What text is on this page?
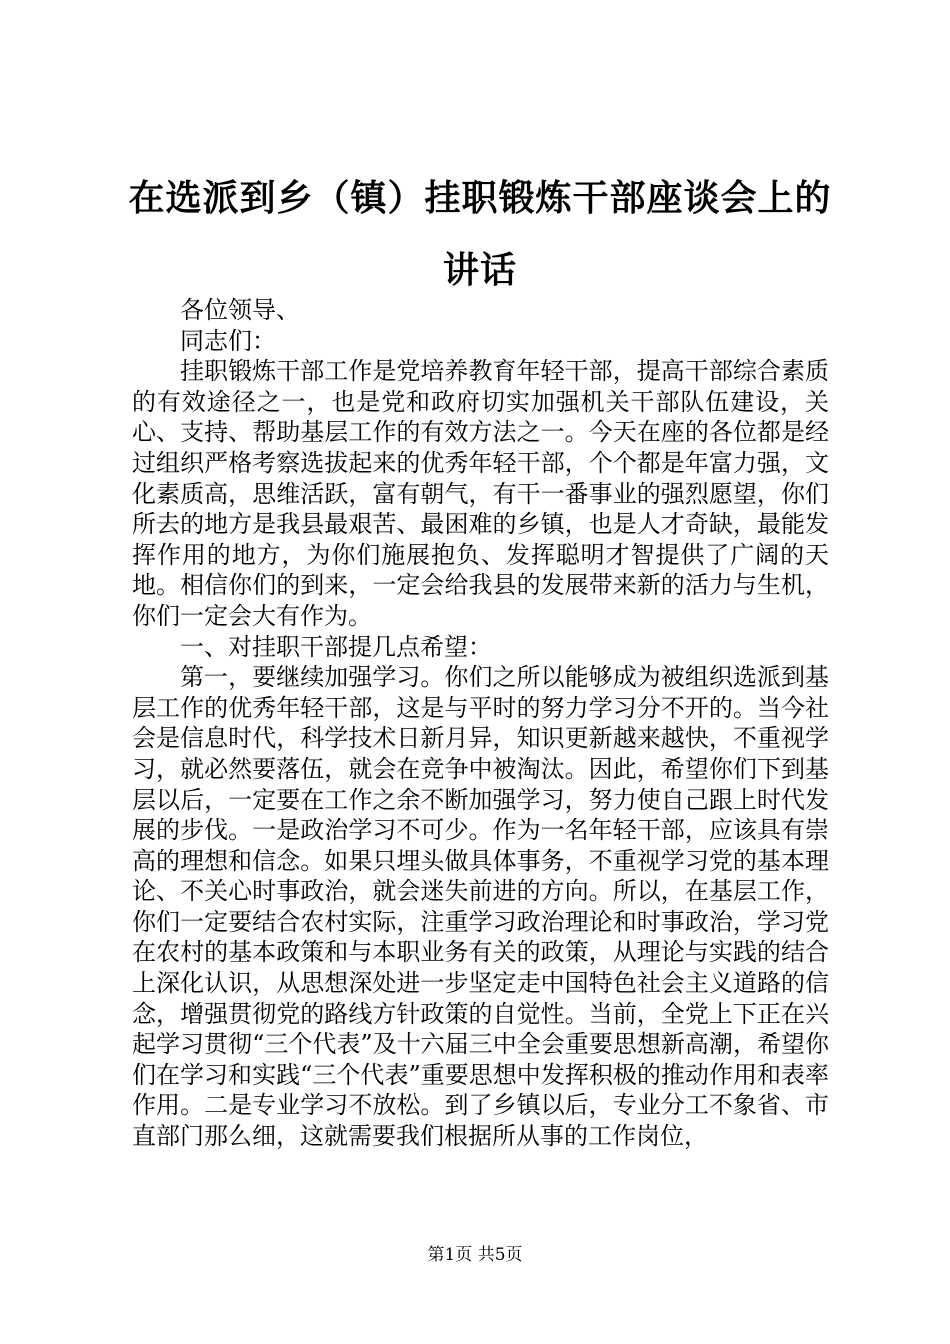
在选派到乡（镇）挂职锻炼干部座谈会上的讲话

各位领导、

同志们：

挂职锻炼干部工作是党培养教育年轻干部，提高干部综合素质的有效途径之一，也是党和政府切实加强机关干部队伍建设，关心、支持、帮助基层工作的有效方法之一。今天在座的各位都是经过组织严格考察选拔起来的优秀年轻干部，个个都是年富力强，文化素质高，思维活跃，富有朝气，有干一番事业的强烈愿望，你们所去的地方是我县最艰苦、最困难的乡镇，也是人才奇缺，最能发挥作用的地方，为你们施展抱负、发挥聪明才智提供了广阔的天地。相信你们的到来，一定会给我县的发展带来新的活力与生机，你们一定会大有作为。

一、对挂职干部提几点希望：

第一，要继续加强学习。你们之所以能够成为被组织选派到基层工作的优秀年轻干部，这是与平时的努力学习分不开的。当今社会是信息时代，科学技术日新月异，知识更新越来越快，不重视学习，就必然要落伍，就会在竞争中被淘汰。因此，希望你们下到基层以后，一定要在工作之余不断加强学习，努力使自己跟上时代发展的步伐。一是政治学习不可少。作为一名年轻干部，应该具有崇高的理想和信念。如果只埋头做具体事务，不重视学习党的基本理论、不关心时事政治，就会迷失前进的方向。所以，在基层工作，你们一定要结合农村实际，注重学习政治理论和时事政治，学习党在农村的基本政策和与本职业务有关的政策，从理论与实践的结合上深化认识，从思想深处进一步坚定走中国特色社会主义道路的信念，增强贯彻党的路线方针政策的自觉性。当前，全党上下正在兴起学习贯彻“三个代表”及十六届三中全会重要思想新高潮，希望你们在学习和实践“三个代表”重要思想中发挥积极的推动作用和表率作用。二是专业学习不放松。到了乡镇以后，专业分工不象省、市直部门那么细，这就需要我们根据所从事的工作岗位，

第1页 共5页
